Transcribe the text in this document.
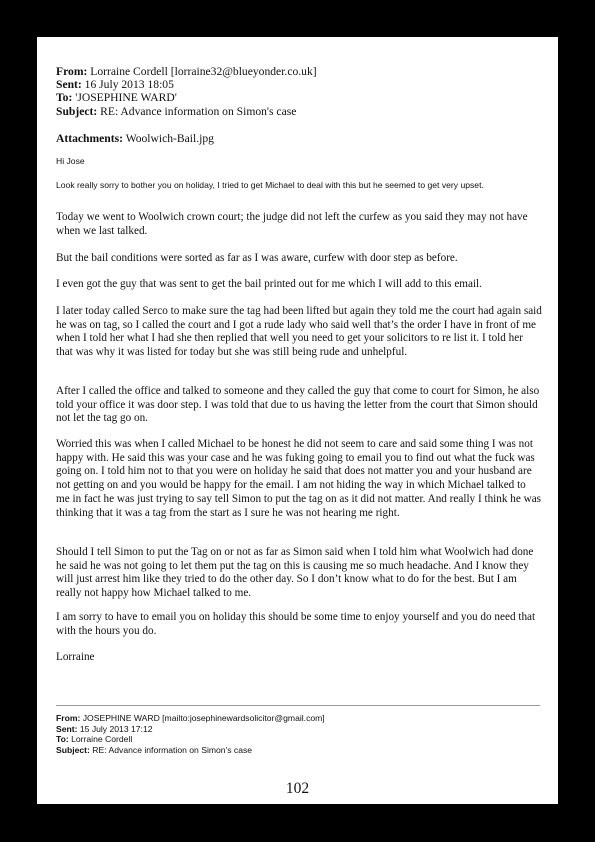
From: Lorraine Cordell [lorraine32@blueyonder.co.uk]
Sent: 16 July 2013 18:05
To: 'JOSEPHINE WARD'
Subject: RE: Advance information on Simon's case
Attachments: Woolwich-Bail.jpg
Hi Jose
Look really sorry to bother you on holiday, I tried to get Michael to deal with this but he seemed to get very upset.
Today we went to Woolwich crown court; the judge did not left the curfew as you said they may not have when we last talked.
But the bail conditions were sorted as far as I was aware, curfew with door step as before.
I even got the guy that was sent to get the bail printed out for me which I will add to this email.
I later today called Serco to make sure the tag had been lifted but again they told me the court had again said he was on tag, so I called the court and I got a rude lady who said well that’s the order I have in front of me when I told her what I had she then replied that well you need to get your solicitors to re list it. I told her that was why it was listed for today but she was still being rude and unhelpful.
After I called the office and talked to someone and they called the guy that come to court for Simon, he also told your office it was door step. I was told that due to us having the letter from the court that Simon should not let the tag go on.
Worried this was when I called Michael to be honest he did not seem to care and said some thing I was not happy with. He said this was your case and he was fuking going to email you to find out what the fuck was going on. I told him not to that you were on holiday he said that does not matter you and your husband are not getting on and you would be happy for the email. I am not hiding the way in which Michael talked to me in fact he was just trying to say tell Simon to put the tag on as it did not matter. And really I think he was thinking that it was a tag from the start as I sure he was not hearing me right.
Should I tell Simon to put the Tag on or not as far as Simon said when I told him what Woolwich had done he said he was not going to let them put the tag on this is causing me so much headache. And I know they will just arrest him like they tried to do the other day. So I don’t know what to do for the best. But I am really not happy how Michael talked to me.
I am sorry to have to email you on holiday this should be some time to enjoy yourself and you do need that with the hours you do.
Lorraine
From: JOSEPHINE WARD [mailto:josephinewardsolicitor@gmail.com]
Sent: 15 July 2013 17:12
To: Lorraine Cordell
Subject: RE: Advance information on Simon's case
102
